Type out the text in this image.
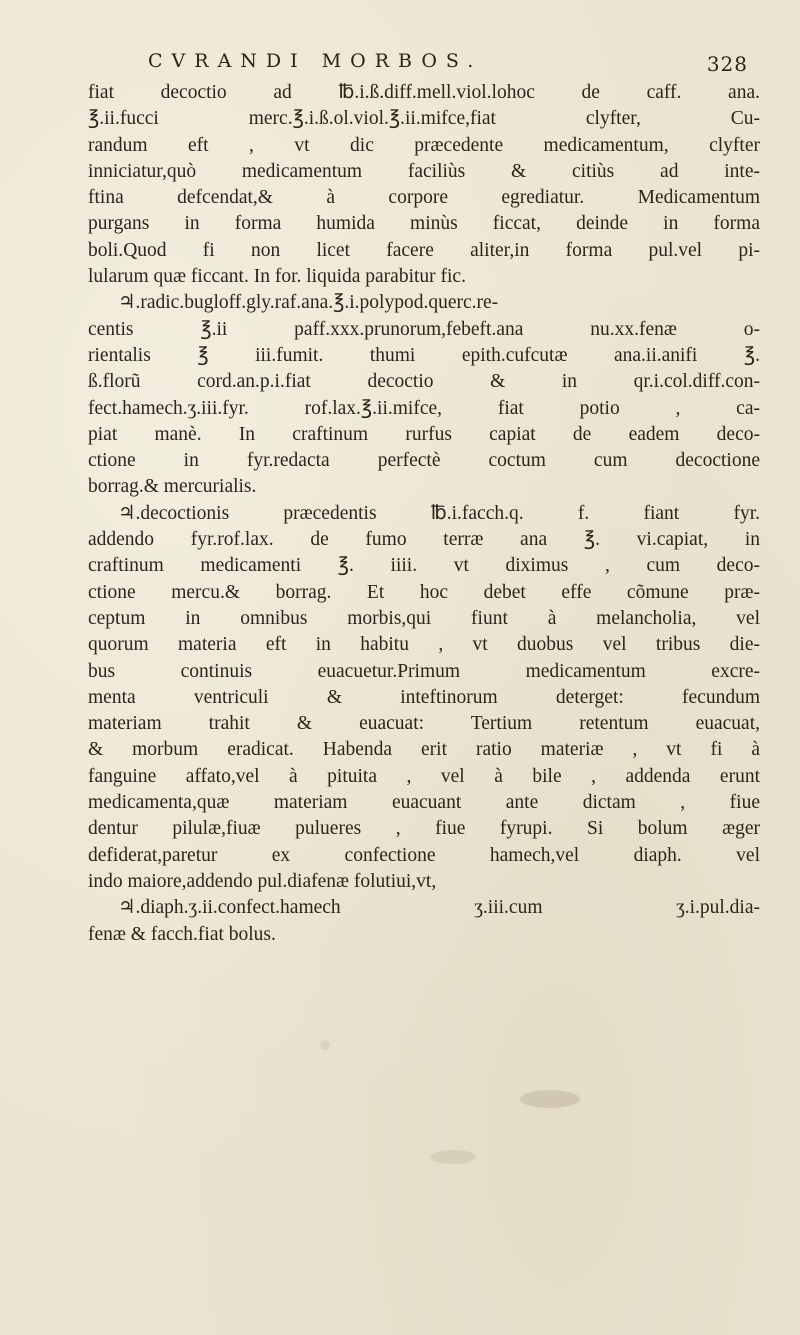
CVRANDI MORBOS.	328
fiat decoctio ad ℔.i.ß.diff.mell.viol.lohoc de caff. ana.
℥.ii.fucci merc.℥.i.ß.ol.viol.℥.ii.mifce,fiat clyfter, Cu-
randum eft , vt dic præcedente medicamentum, clyfter
inniciatur,quò medicamentum faciliùs & citiùs ad inte-
ftina defcendat,& à corpore egrediatur. Medicamentum
purgans in forma humida minùs ficcat, deinde in forma
boli.Quod fi non licet facere aliter,in forma pul.vel pi-
lularum quæ ficcant. In for. liquida parabitur fic.
♃.radic.bugloff.gly.raf.ana.℥.i.polypod.querc.re-
centis ℥.ii paff.xxx.prunorum,febeft.ana nu.xx.fenæ o-
rientalis ℥ iii.fumit. thumi epith.cufcutæ ana.ii.anifi ℥.
ß.florũ cord.an.p.i.fiat decoctio & in qr.i.col.diff.con-
fect.hamech.ʒ.iii.fyr. rof.lax.℥.ii.mifce, fiat potio , ca-
piat manè. In craftinum rurfus capiat de eadem deco-
ctione in fyr.redacta perfectè coctum cum decoctione
borrag.& mercurialis.
♃.decoctionis præcedentis ℔.i.facch.q. f. fiant fyr.
addendo fyr.rof.lax. de fumo terræ ana ℥. vi.capiat, in
craftinum medicamenti ℥. iiii. vt diximus , cum deco-
ctione mercu.& borrag. Et hoc debet effe cõmune præ-
ceptum in omnibus morbis,qui fiunt à melancholia, vel
quorum materia eft in habitu , vt duobus vel tribus die-
bus continuis euacuetur.Primum medicamentum excre-
menta ventriculi & inteftinorum deterget: fecundum
materiam trahit & euacuat: Tertium retentum euacuat,
& morbum eradicat. Habenda erit ratio materiæ , vt fi à
fanguine affato,vel à pituita , vel à bile , addenda erunt
medicamenta,quæ materiam euacuant ante dictam , fiue
dentur pilulæ,fiuæ pulueres , fiue fyrupi. Si bolum æger
defiderat,paretur ex confectione hamech,vel diaph. vel
indo maiore,addendo pul.diafenæ folutiui,vt,
♃.diaph.ʒ.ii.confect.hamech ʒ.iii.cum ʒ.i.pul.dia-
fenæ & facch.fiat bolus.
